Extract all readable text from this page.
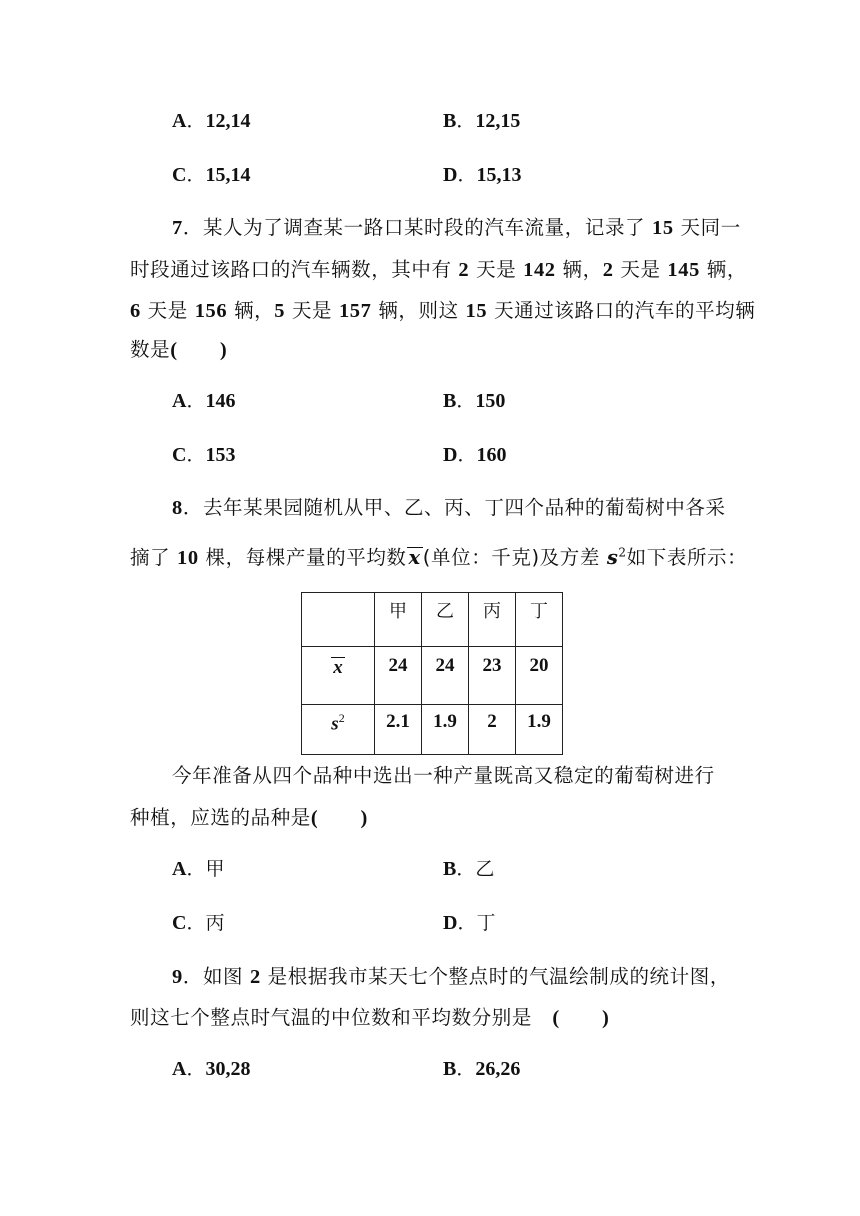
A．12,14	B．12,15
C．15,14	D．15,13
7．某人为了调查某一路口某时段的汽车流量，记录了 15 天同一
时段通过该路口的汽车辆数，其中有 2 天是 142 辆，2 天是 145 辆，
6 天是 156 辆，5 天是 157 辆，则这 15 天通过该路口的汽车的平均辆
数是(　　)
A．146	B．150
C．153	D．160
8．去年某果园随机从甲、乙、丙、丁四个品种的葡萄树中各采
摘了 10 棵，每棵产量的平均数 x (单位：千克)及方差 $s^2$如下表所示：
	甲	乙	丙	丁
x	24	24	23	20
$s^2$	2.1	1.9	2	1.9
今年准备从四个品种中选出一种产量既高又稳定的葡萄树进行
种植，应选的品种是(　　)
A．甲	B．乙
C．丙	D．丁
9．如图 2 是根据我市某天七个整点时的气温绘制成的统计图，
则这七个整点时气温的中位数和平均数分别是 (　　)
A．30,28	B．26,26
